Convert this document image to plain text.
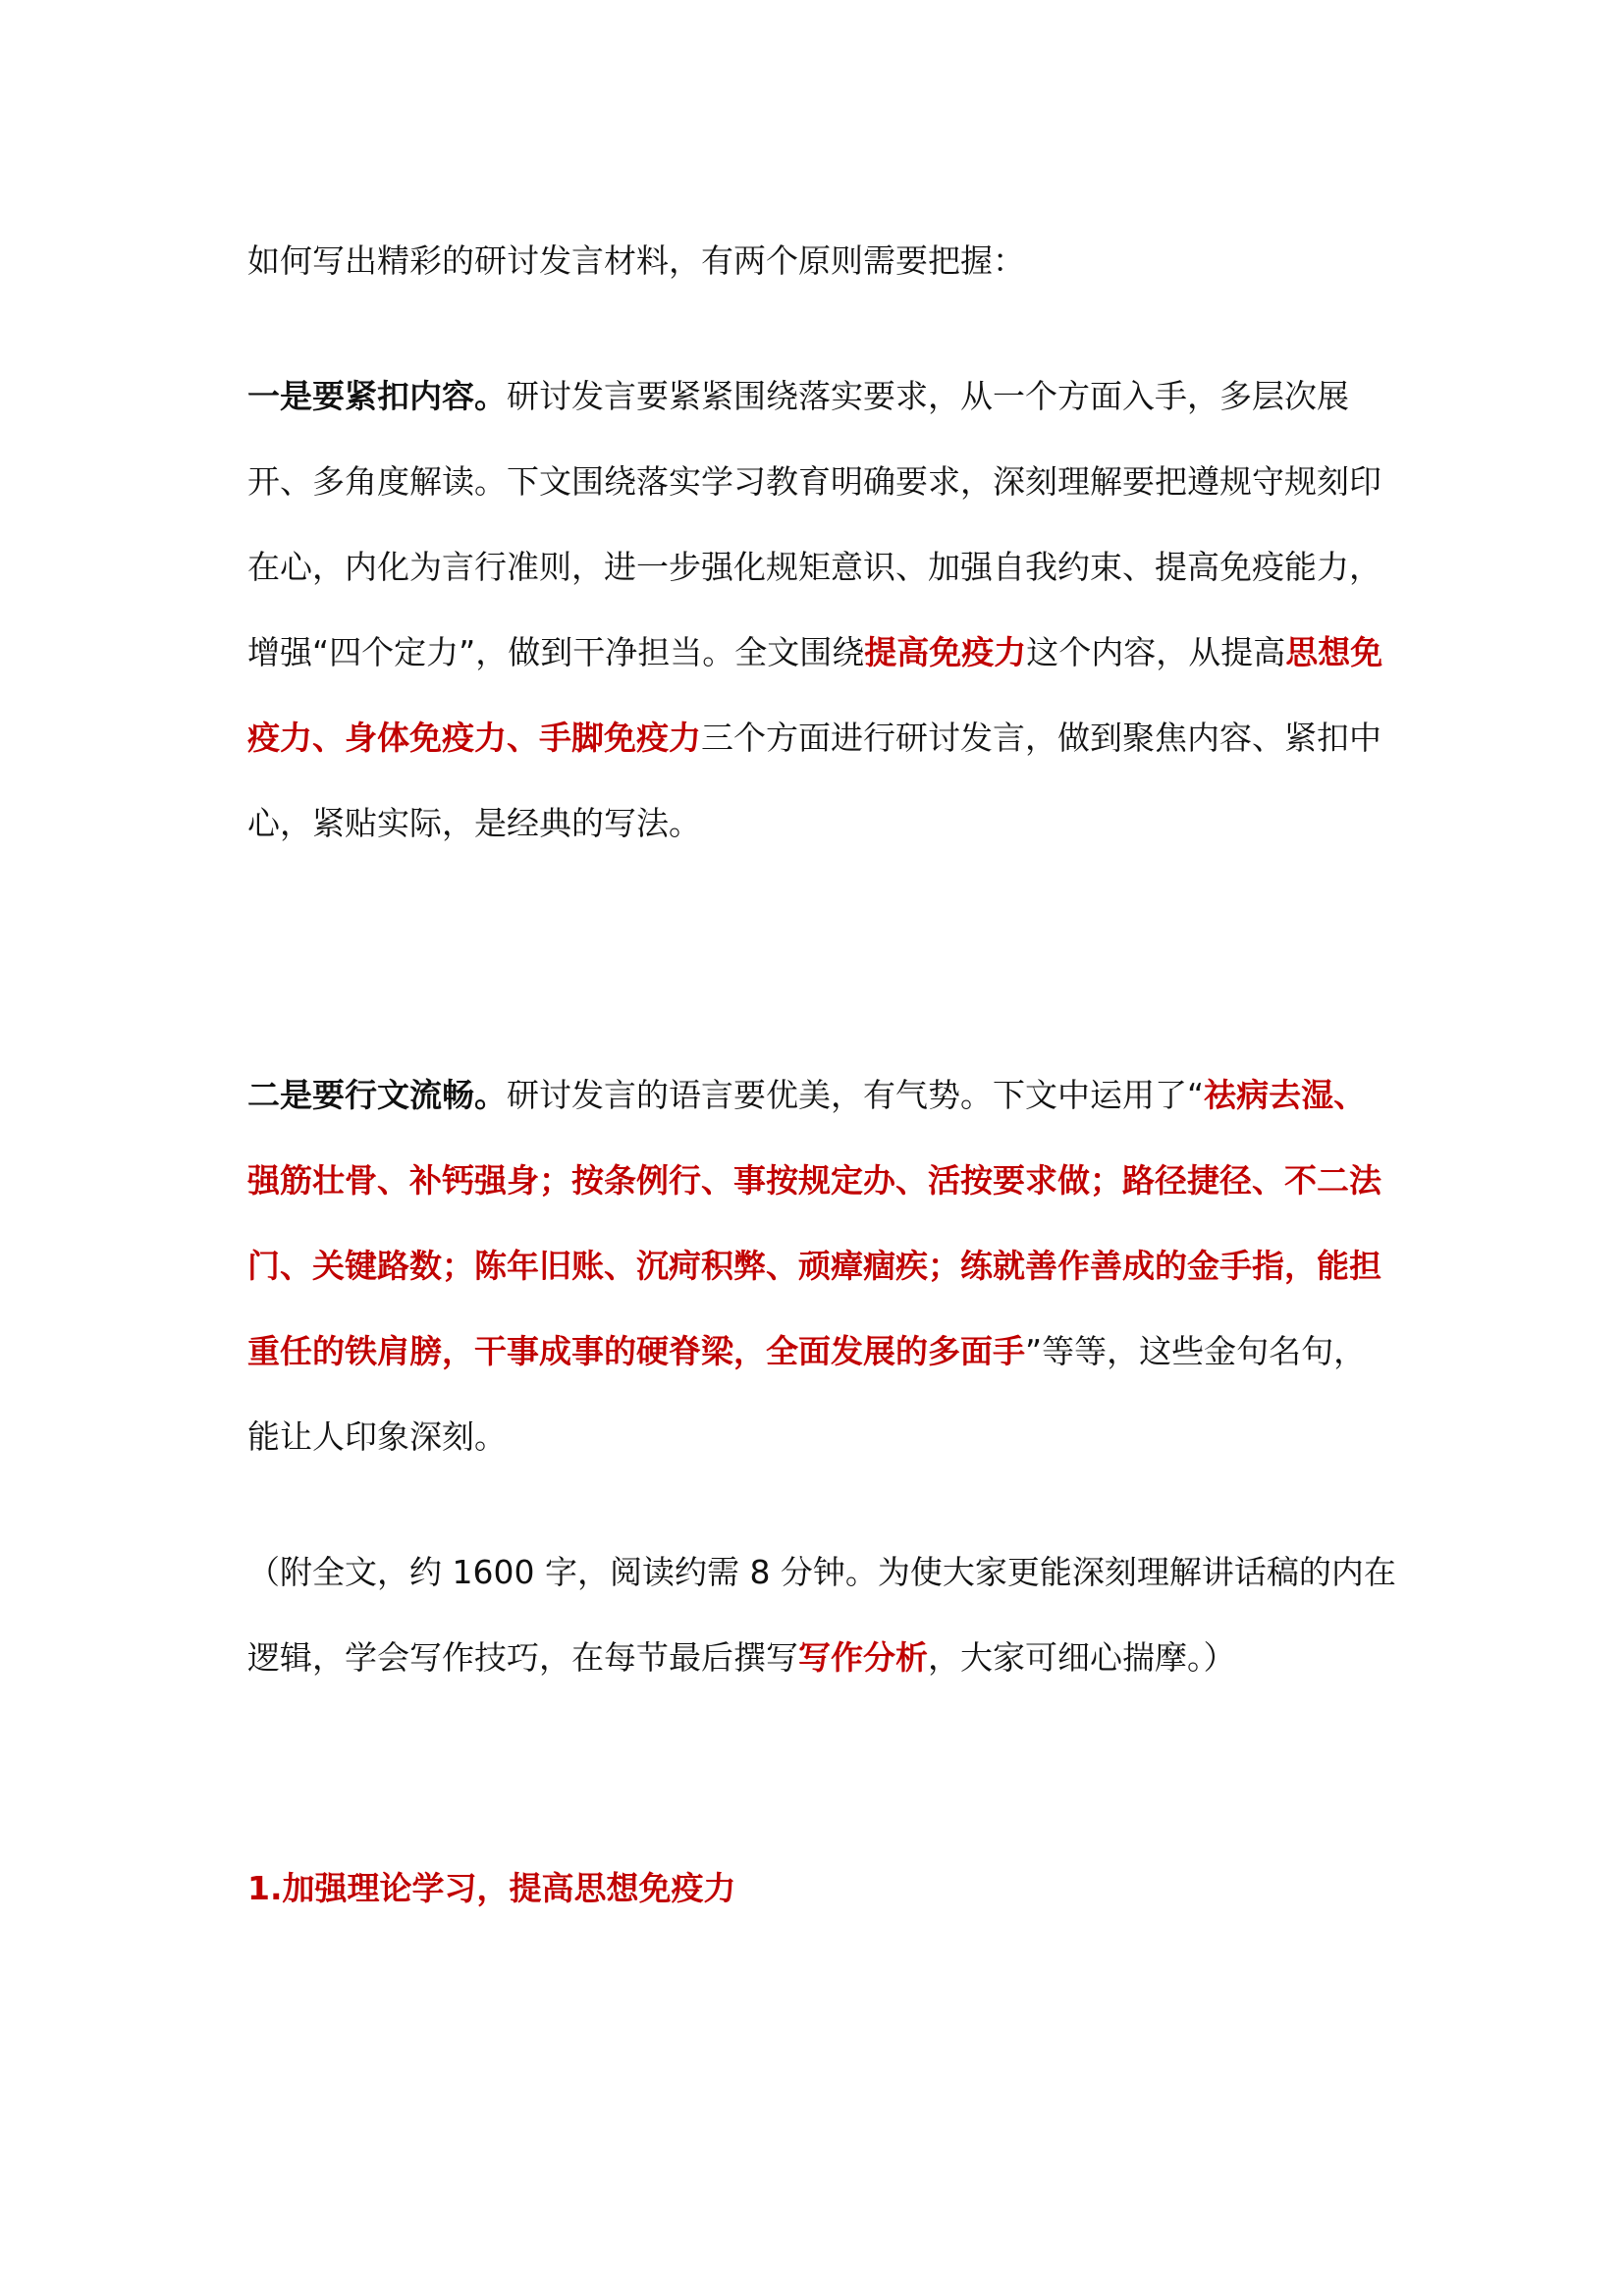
如何写出精彩的研讨发言材料，有两个原则需要把握：

一是要紧扣内容。研讨发言要紧紧围绕落实要求，从一个方面入手，多层次展开、多角度解读。下文围绕落实学习教育明确要求，深刻理解要把遵规守规刻印在心，内化为言行准则，进一步强化规矩意识、加强自我约束、提高免疫能力，增强“四个定力”，做到干净担当。全文围绕提高免疫力这个内容，从提高思想免疫力、身体免疫力、手脚免疫力三个方面进行研讨发言，做到聚焦内容、紧扣中心，紧贴实际，是经典的写法。

二是要行文流畅。研讨发言的语言要优美，有气势。下文中运用了“祛病去湿、强筋壮骨、补钙强身；按条例行、事按规定办、活按要求做；路径捷径、不二法门、关键路数；陈年旧账、沉疴积弊、顽瘴痼疾；练就善作善成的金手指，能担重任的铁肩膀，干事成事的硬脊梁，全面发展的多面手”等等，这些金句名句，能让人印象深刻。

（附全文，约 1600 字，阅读约需 8 分钟。为使大家更能深刻理解讲话稿的内在逻辑，学会写作技巧，在每节最后撰写写作分析，大家可细心揣摩。）

1.加强理论学习，提高思想免疫力
